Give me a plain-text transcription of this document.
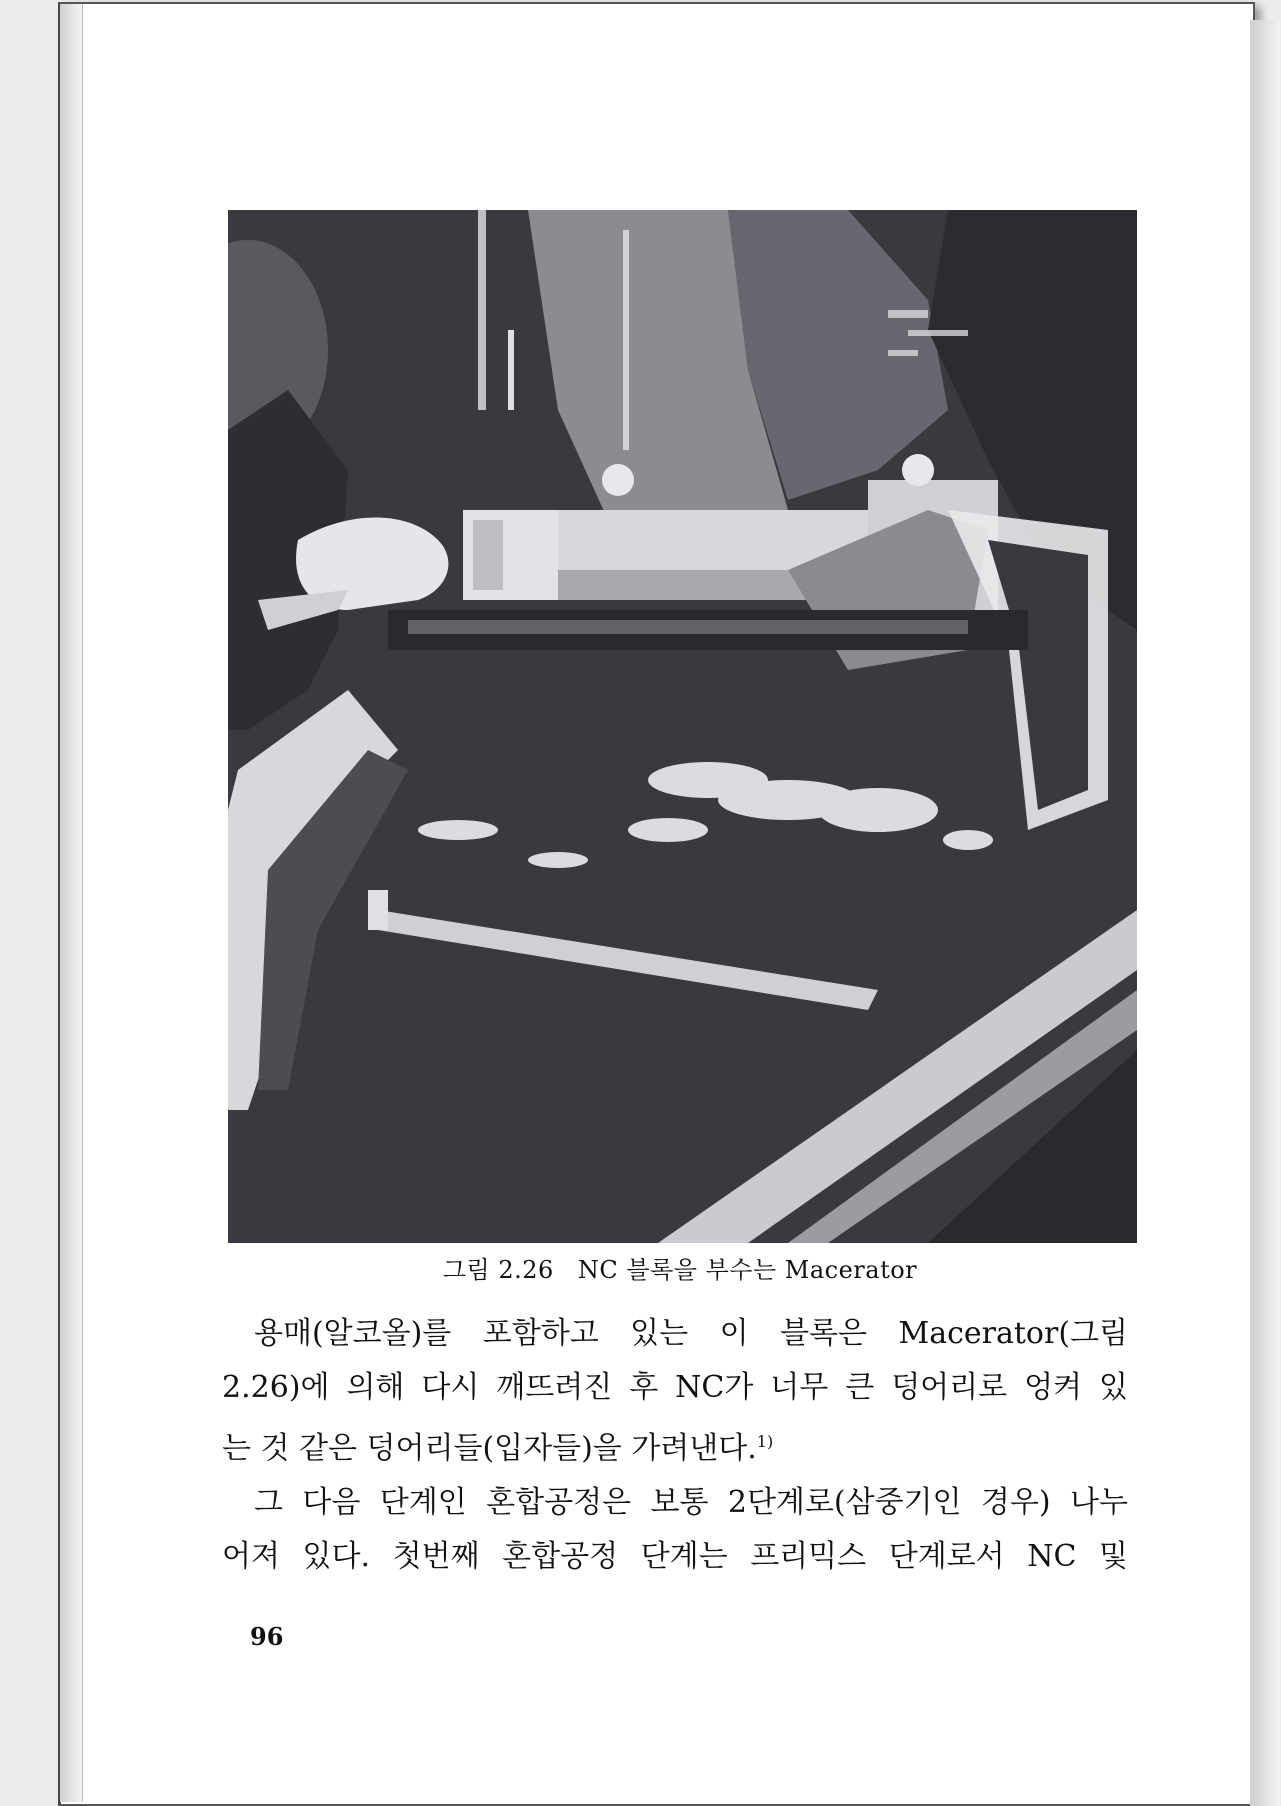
그림 2.26 NC 블록을 부수는 Macerator
용매(알코올)를 포함하고 있는 이 블록은 Macerator(그림
2.26)에 의해 다시 깨뜨려진 후 NC가 너무 큰 덩어리로 엉켜 있
는 것 같은 덩어리들(입자들)을 가려낸다.$^{1)}$
그 다음 단계인 혼합공정은 보통 2단계로(삼중기인 경우) 나누
어져 있다. 첫번째 혼합공정 단계는 프리믹스 단계로서 NC 및
96
